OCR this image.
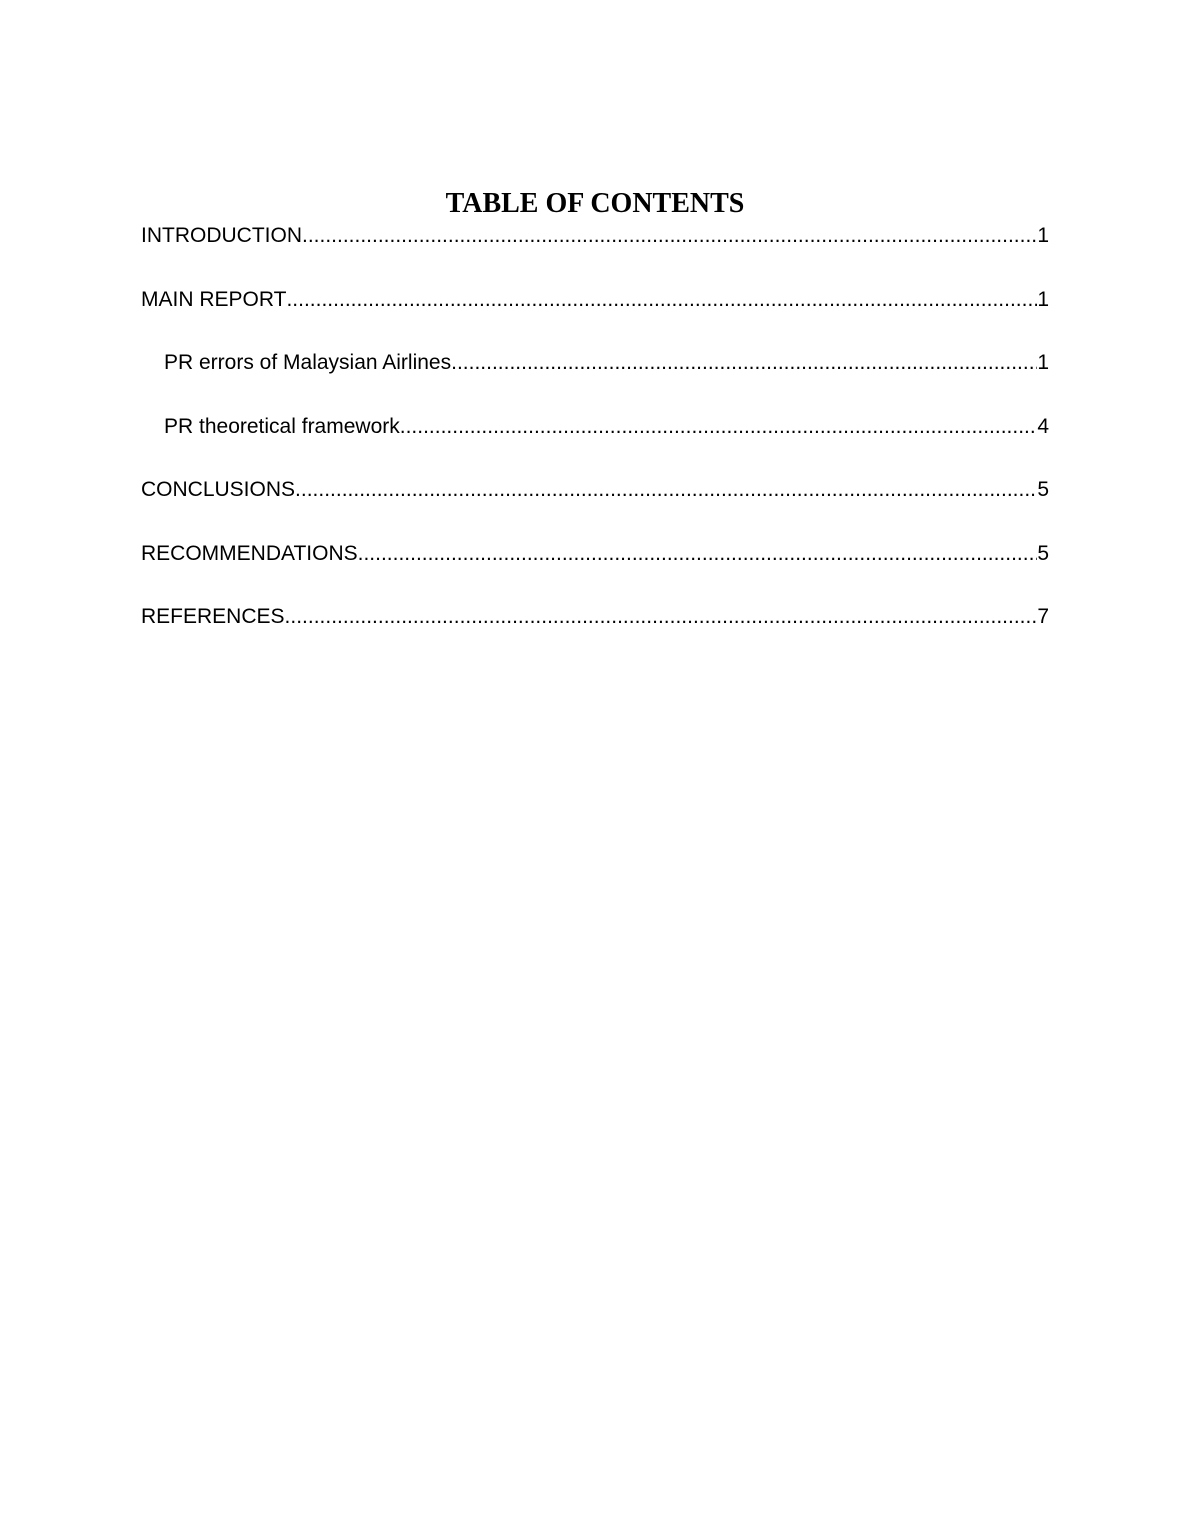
TABLE OF CONTENTS
INTRODUCTION .....	1
MAIN REPORT .....	1
PR errors of Malaysian Airlines .....	1
PR theoretical framework .....	4
CONCLUSIONS .....	5
RECOMMENDATIONS .....	5
REFERENCES .....	7
